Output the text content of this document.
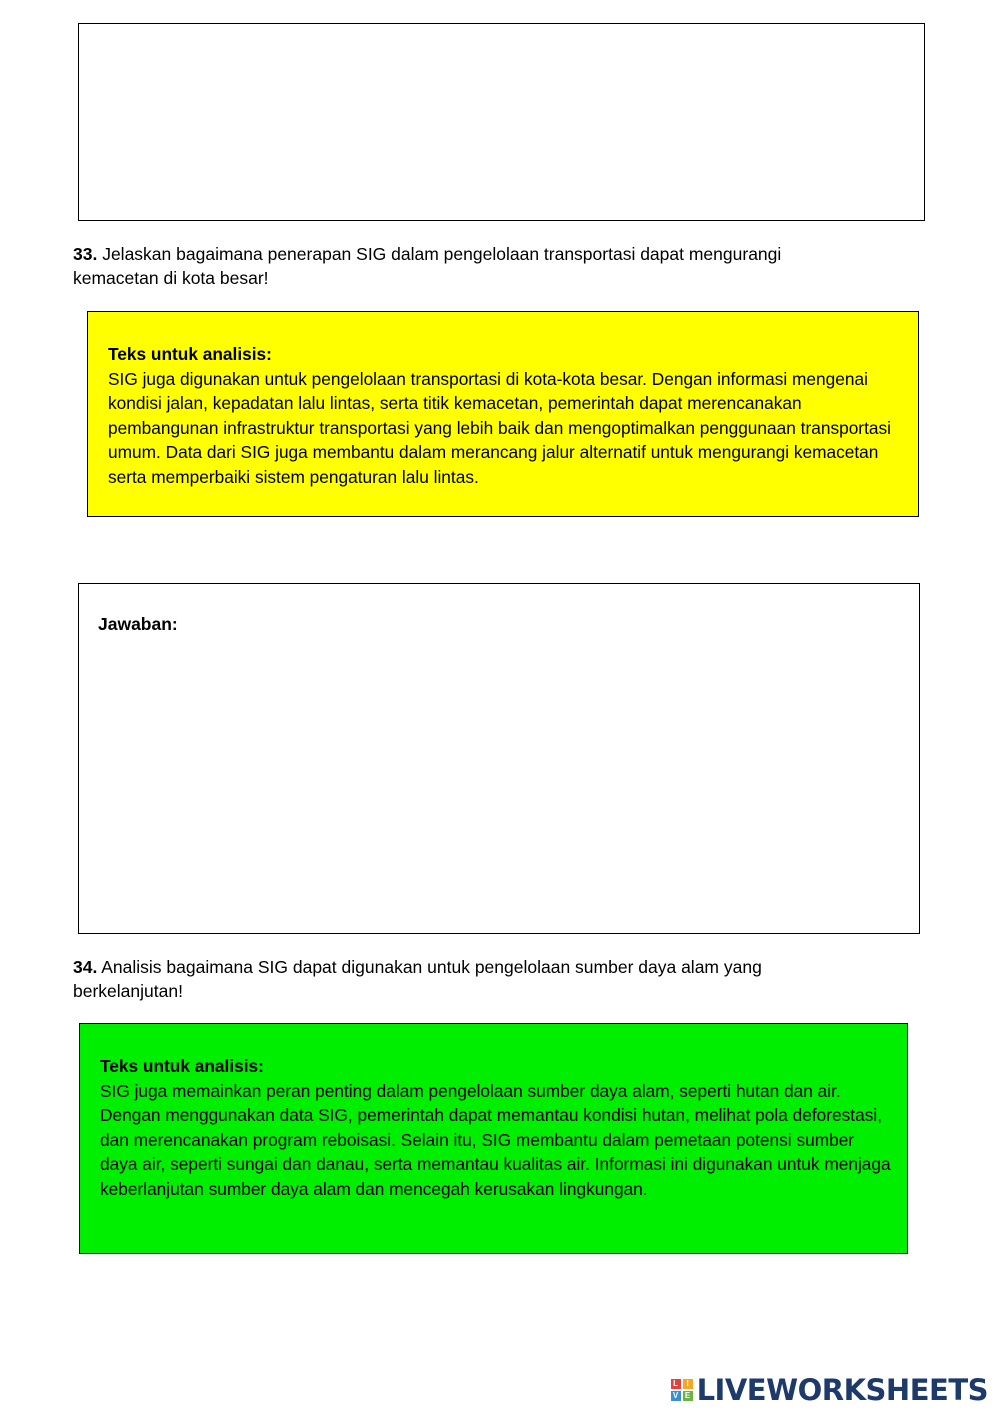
33. Jelaskan bagaimana penerapan SIG dalam pengelolaan transportasi dapat mengurangi kemacetan di kota besar!

Teks untuk analisis:
SIG juga digunakan untuk pengelolaan transportasi di kota-kota besar. Dengan informasi mengenai kondisi jalan, kepadatan lalu lintas, serta titik kemacetan, pemerintah dapat merencanakan pembangunan infrastruktur transportasi yang lebih baik dan mengoptimalkan penggunaan transportasi umum. Data dari SIG juga membantu dalam merancang jalur alternatif untuk mengurangi kemacetan serta memperbaiki sistem pengaturan lalu lintas.
Jawaban:

34. Analisis bagaimana SIG dapat digunakan untuk pengelolaan sumber daya alam yang berkelanjutan!

Teks untuk analisis:
SIG juga memainkan peran penting dalam pengelolaan sumber daya alam, seperti hutan dan air. Dengan menggunakan data SIG, pemerintah dapat memantau kondisi hutan, melihat pola deforestasi, dan merencanakan program reboisasi. Selain itu, SIG membantu dalam pemetaan potensi sumber daya air, seperti sungai dan danau, serta memantau kualitas air. Informasi ini digunakan untuk menjaga keberlanjutan sumber daya alam dan mencegah kerusakan lingkungan.
L	I
V E LIVEWORKSHEETS
